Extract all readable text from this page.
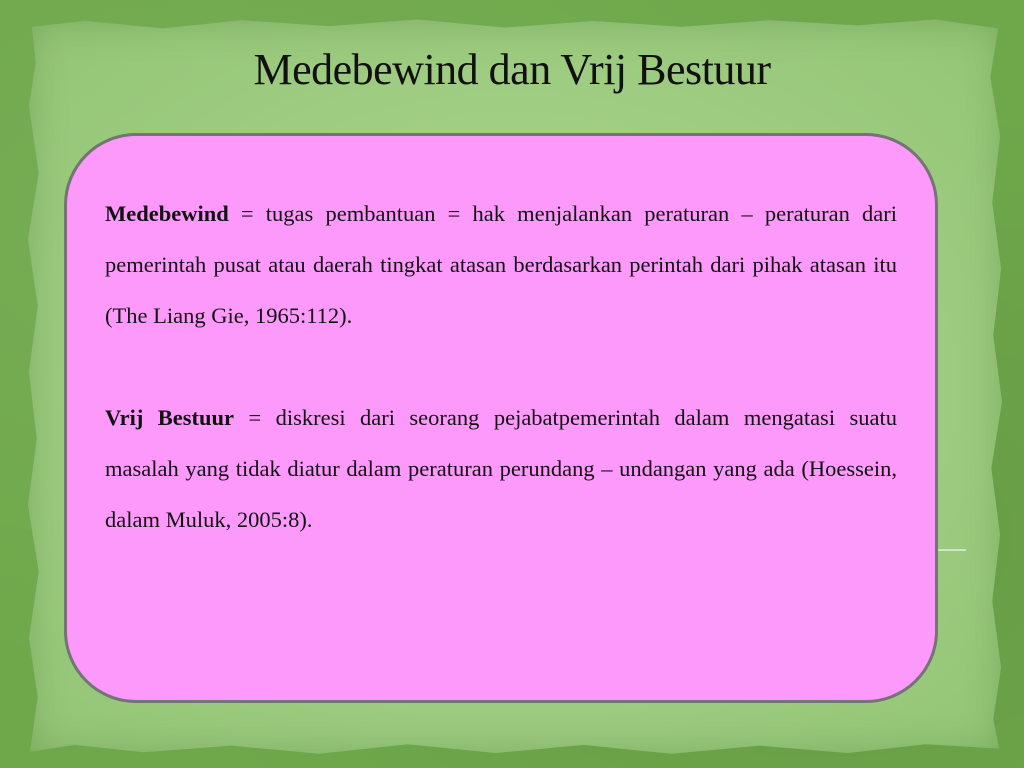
Medebewind dan Vrij Bestuur

Medebewind = tugas pembantuan = hak menjalankan peraturan – peraturan dari pemerintah pusat atau daerah tingkat atasan berdasarkan perintah dari pihak atasan itu (The Liang Gie, 1965:112).

Vrij Bestuur = diskresi dari seorang pejabatpemerintah dalam mengatasi suatu masalah yang tidak diatur dalam peraturan perundang – undangan yang ada (Hoessein, dalam Muluk, 2005:8).
